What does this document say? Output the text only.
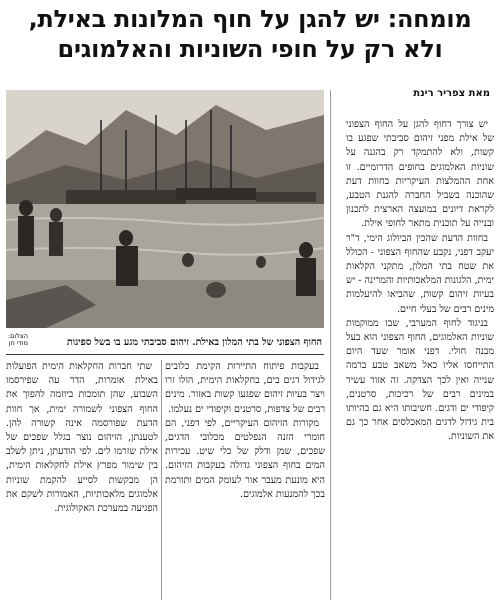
מומחה: יש להגן על חוף המלונות באילת,
ולא רק על חופי השוניות והאלמוגים
מאת צפריר רינת

יש צורך דחוף להגן על החוף הצפוני של אילת מפני זיהום סביבתי שפגע בו קשות, ולא להתמקד רק בהגנה על שוניות האלמוגים בחופים הדרומיים. זו אחת ההמלצות העיקריות בחוות דעת שהוכנה בשביל החברה להגנת הטבע, לקראת דיונים במועצה הארצית לתכנון ובנייה על תוכנית מתאר לחופי אילת.

בחוות הדעת שהכין הביולוג הימי, ד"ר יעקב דפני, נקבע שהחוף הצפוני - הכולל את שטח בתי המלון, מתקני הקלאות ימית, הלגונות המלאכותיות והמרינה - יש בעיות זיהום קשות, שהביאו להיעלמות מינים רבים של בעלי חיים.

בניגוד לחוף המערבי, שבו ממוקמות שוניות האלמוגים, החוף הצפוני הוא בעל מבנה חולי. דפני אומר שעד היום התייחסו אליו כאל משאב טבע ברמה שנייה ואין לכך הצדקה. זה אזור עשיר במינים רבים של רכיכות, סרטנים, קיפודי ים ודגים. חשיבותו היא גם בהיותו בית גידול לדגים המאכלסים אחר כך גם את השוניות.

הצלום: מודי חן	החוף הצפוני של בתי המלון באילת. זיהום סביבתי מגע בו בשל ספינות

בעקבות פיתוח התיירות הקימת כלובים לגידול דגים בים, בחקלאות הימית, הולו זרו ויצר בעיות זיהום שפגעו קשות באזור. מינים רבים של צדפות, סרטנים וקיפודי ים נעלמו.

מקורות הזיהום העיקריים, לפי דפני, הם חומרי הזנה הנפלטים מכלובי הדגים, שפכים, שמן ודלק של כלי שיט. עכירות המים בחוף הצפוני גדולה בעקבות הזיהום. היא מונעת מעבר אור לעומק המים ותורמת בכך להמנעות אלמוגים.

שתי חברות החקלאות הימית הפועלות באילת אומרות, הדר עה שפירסמו השבוע, שהן תומכות ביוזמה להפוך את החוף הצפוני לשמורה ימית, אך חוות הדעת שפורסמה אינה קשורה להן. לטענתן, הזיהום נוצר בגלל שפכים של אילת שזרמו לים. לפי הודעתן, ניתן לשלב בין שימור מפרץ אילת לחקלאות הימית, הן מבקשות לסייע להקמת שוניות אלמוגים מלאכותיות, האמורות לשקם את הפגיעה במערכת האקולוגית.
